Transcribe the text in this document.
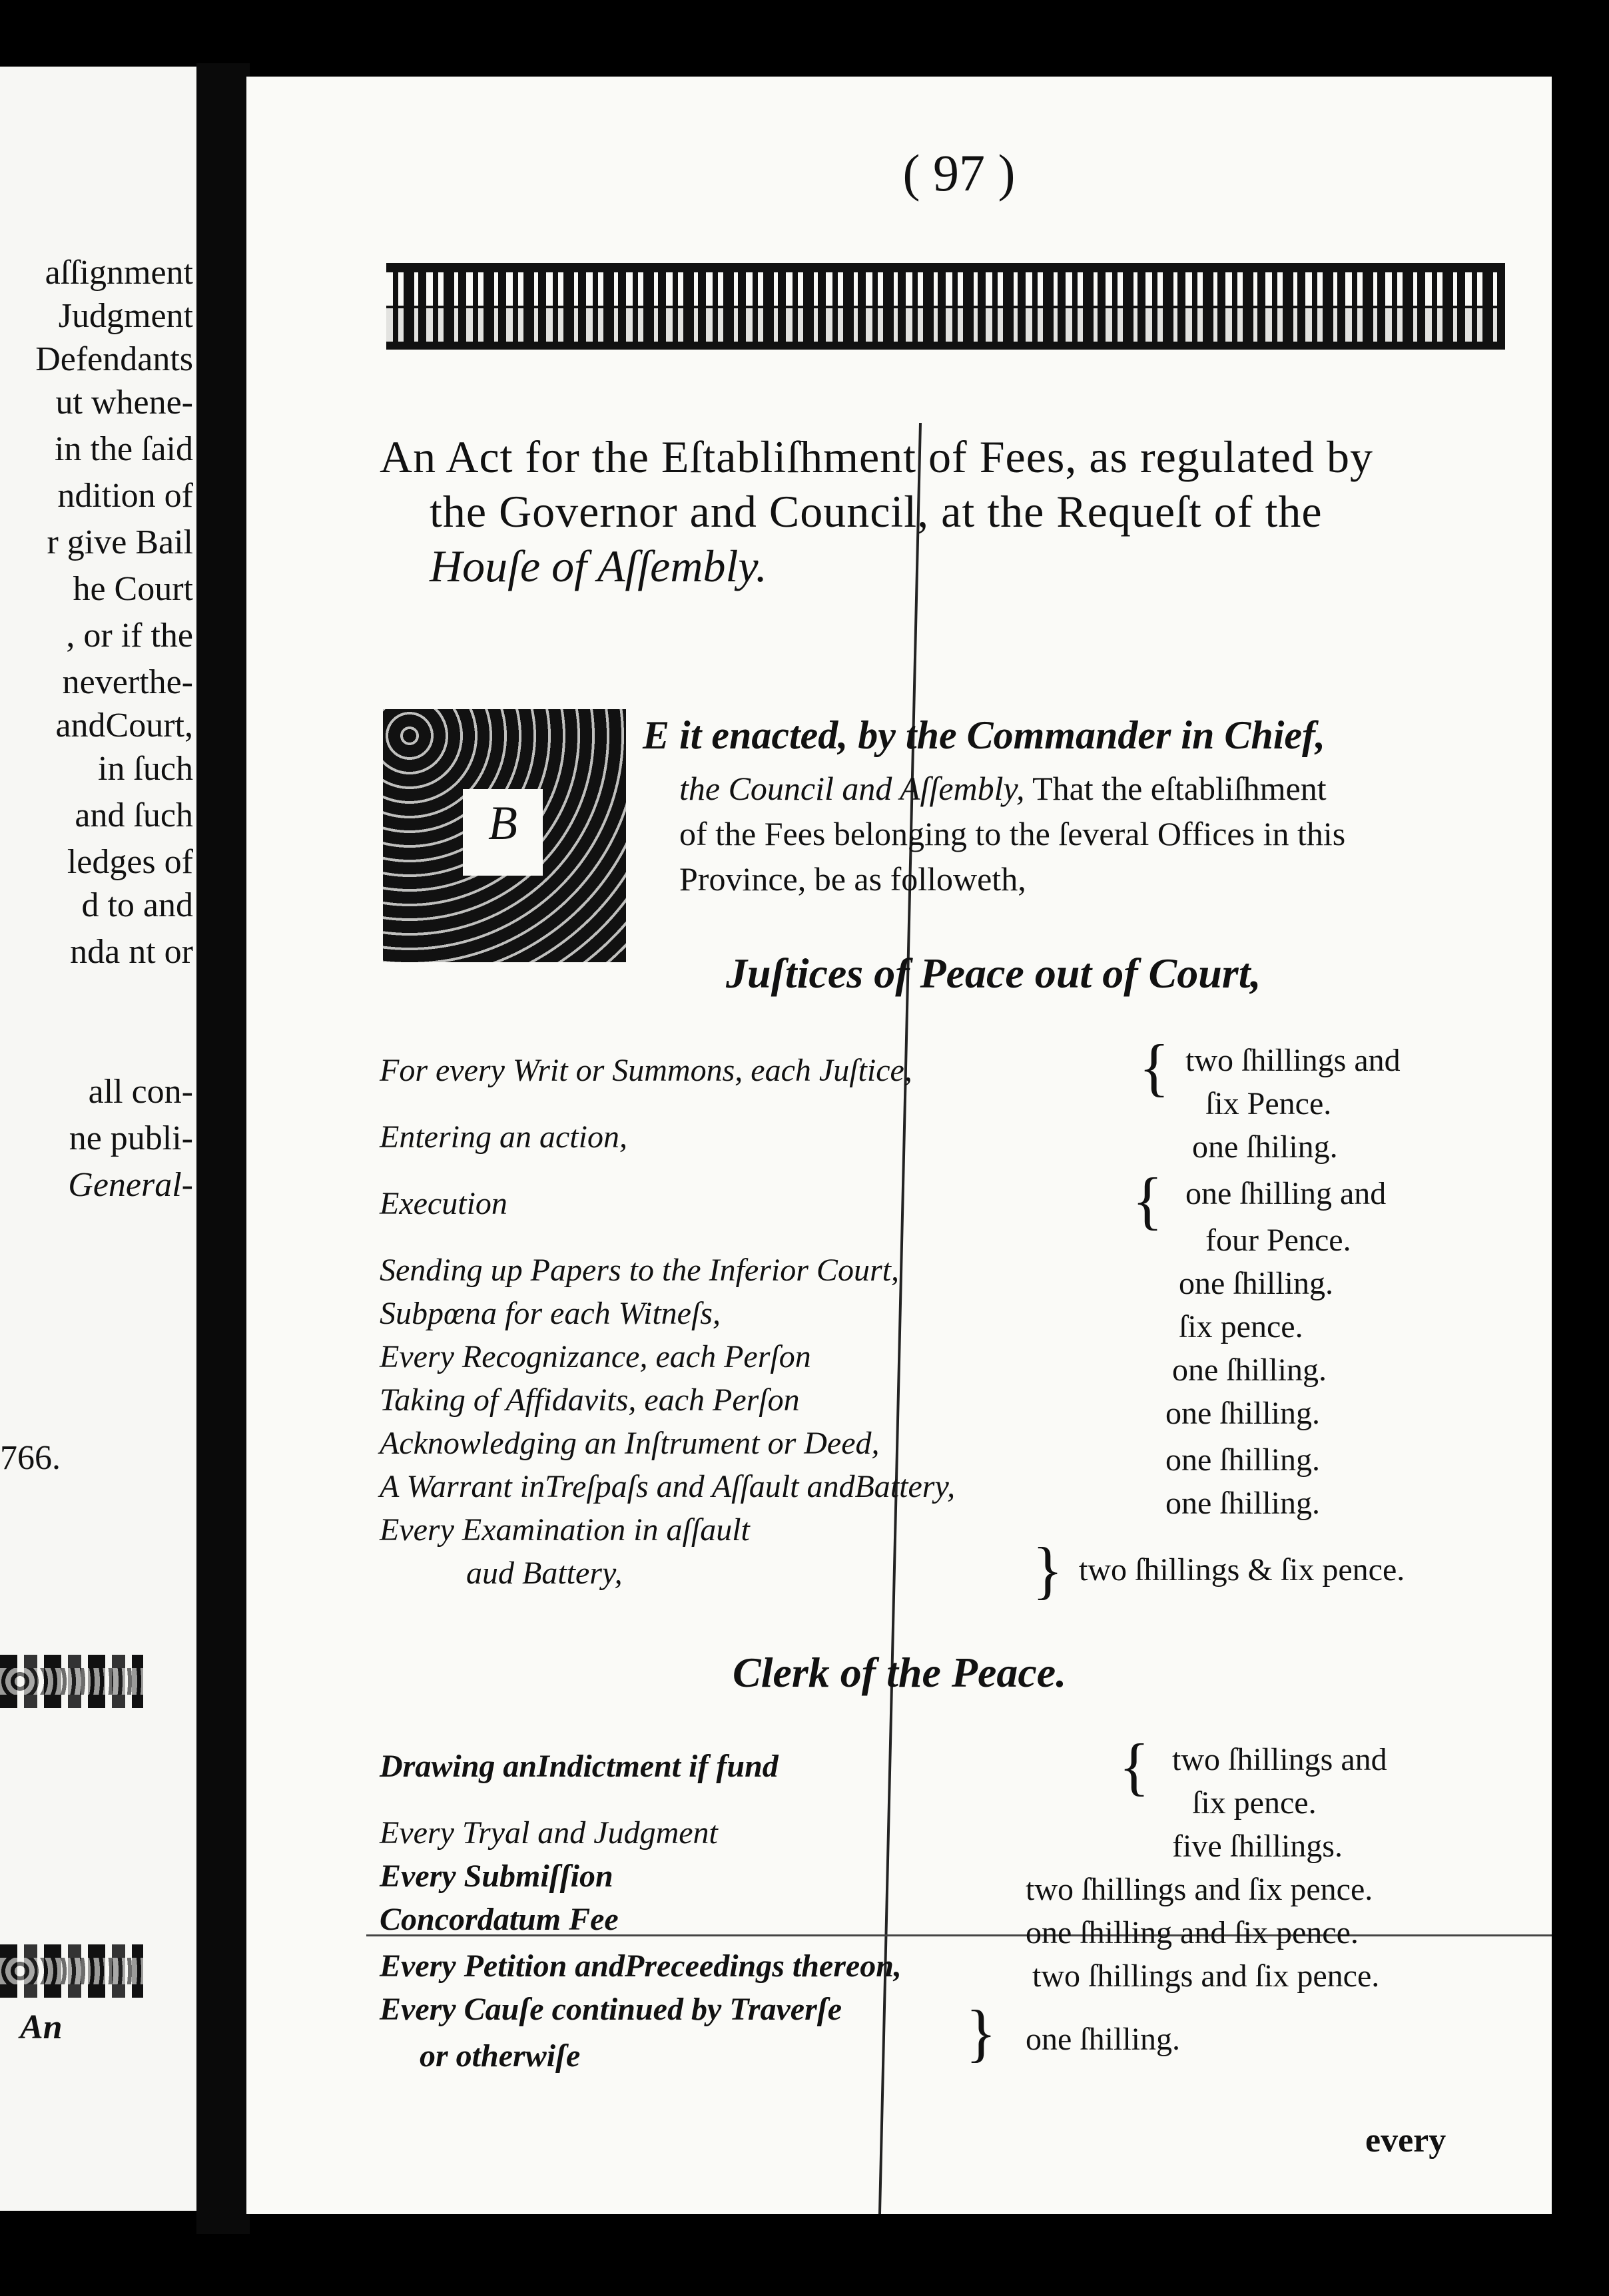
aſſignment
Judgment
Defendants
ut whene-
in the ſaid
ndition of
r give Bail
he Court
, or if the
neverthe-
andCourt,
in ſuch
and ſuch
ledges of
d to and
nda nt or
all con-
ne publi-
General-
766.
An
( 97 )
An Act for the Eſtabliſhment of Fees, as regulated by
the Governor and Council, at the Requeſt of the
Houſe of Aſſembly.
B
E it enacted, by the Commander in Chief,
the Council and Aſſembly, That the eſtabliſhment
of the Fees belonging to the ſeveral Offices in this
Province, be as followeth,
Juſtices of Peace out of Court,
For every Writ or Summons, each Juſtice,	{ two ſhillings and
ſix Pence.
Entering an action,	one ſhiling.
Execution	{ one ſhilling and
four Pence.
Sending up Papers to the Inferior Court,	one ſhilling.
Subpœna for each Witneſs,	ſix pence.
Every Recognizance, each Perſon	one ſhilling.
Taking of Affidavits, each Perſon	one ſhilling.
Acknowledging an Inſtrument or Deed,	one ſhilling.
A Warrant inTreſpaſs and Aſſault andBattery,	one ſhilling.
Every Examination in aſſault
aud Battery,	} two ſhillings & ſix pence.
Clerk of the Peace.
Drawing anIndictment if fund	{ two ſhillings and
ſix pence.
Every Tryal and Judgment	five ſhillings.
Every Submiſſion	two ſhillings and ſix pence.
Concordatum Fee	one ſhilling and ſix pence.
Every Petition andPreceedings thereon,	two ſhillings and ſix pence.
Every Cauſe continued by Traverſe
or otherwiſe	} one ſhilling.
every
